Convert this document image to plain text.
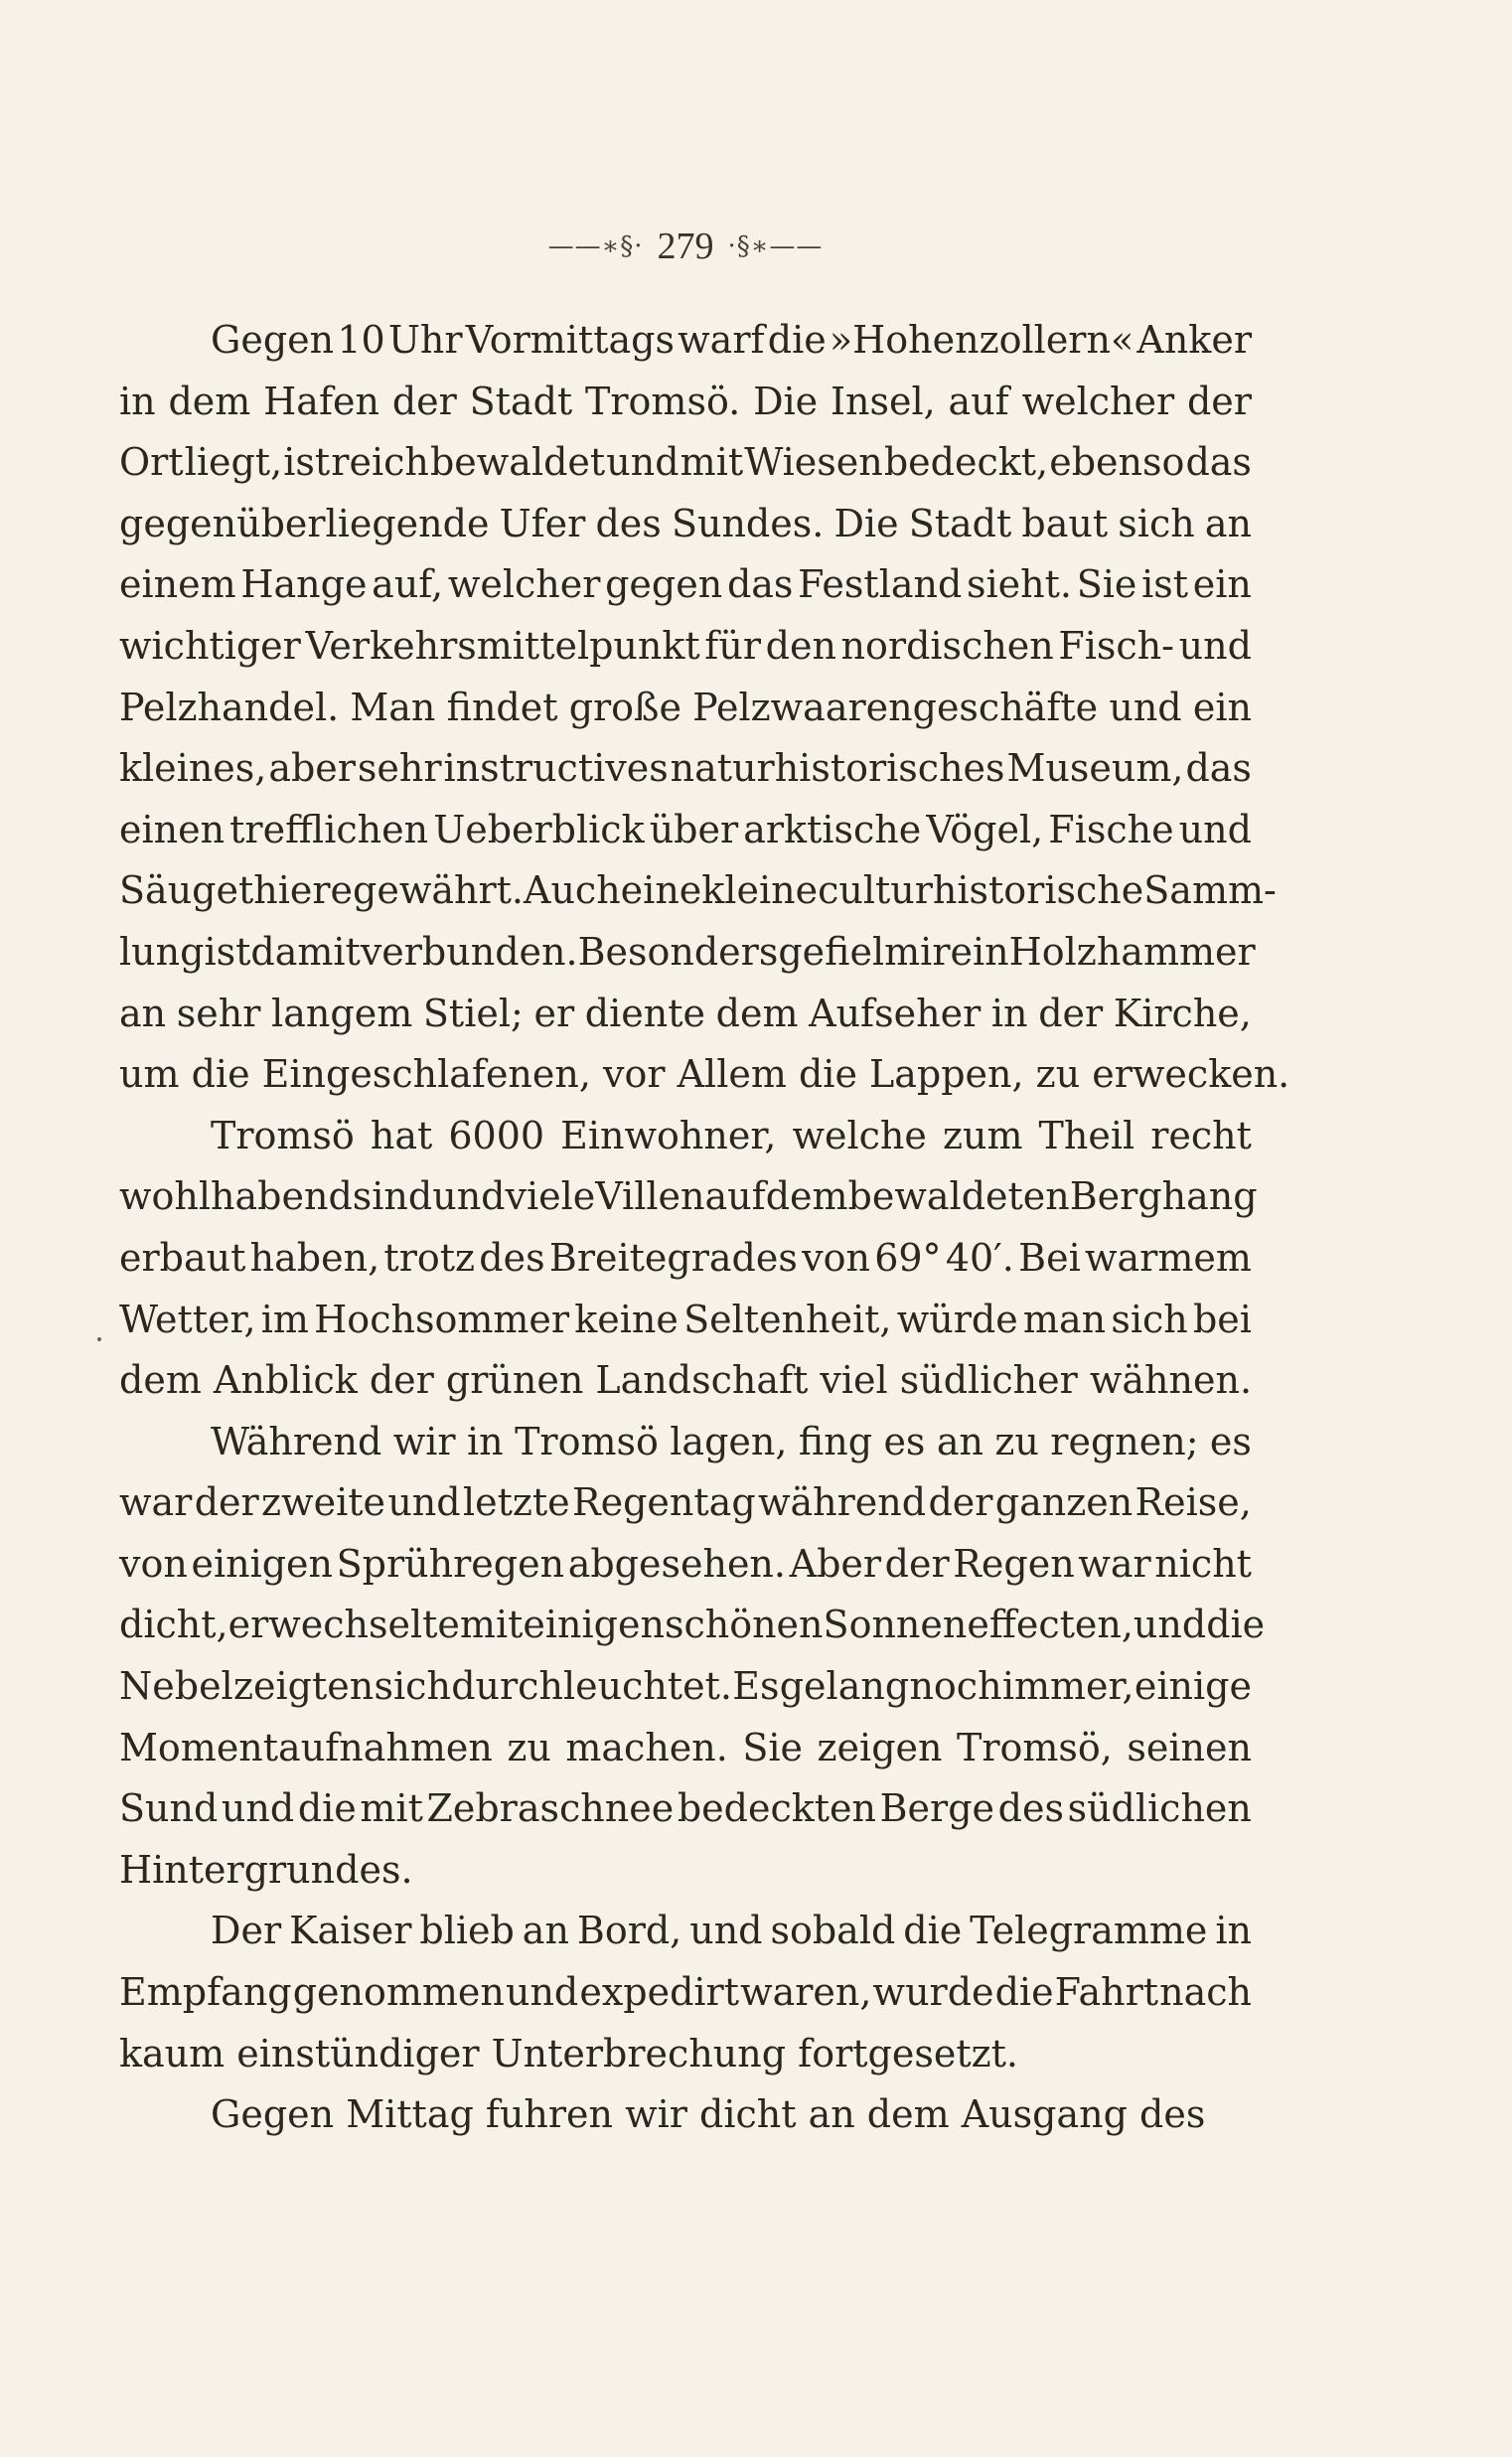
——∗§· 279 ·§∗——
Gegen 10 Uhr Vormittags warf die »Hohenzollern« Anker
in dem Hafen der Stadt Tromsö. Die Insel, auf welcher der
Ort liegt, ist reich bewaldet und mit Wiesen bedeckt, ebenso das
gegenüberliegende Ufer des Sundes. Die Stadt baut sich an
einem Hange auf, welcher gegen das Festland sieht. Sie ist ein
wichtiger Verkehrsmittelpunkt für den nordischen Fisch- und
Pelzhandel. Man findet große Pelzwaarengeschäfte und ein
kleines, aber sehr instructives naturhistorisches Museum, das
einen trefflichen Ueberblick über arktische Vögel, Fische und
Säugethiere gewährt. Auch eine kleine culturhistorische Samm-
lung ist damit verbunden. Besonders gefiel mir ein Holzhammer
an sehr langem Stiel; er diente dem Aufseher in der Kirche,
um die Eingeschlafenen, vor Allem die Lappen, zu erwecken.
Tromsö hat 6000 Einwohner, welche zum Theil recht
wohlhabend sind und viele Villen auf dem bewaldeten Berghang
erbaut haben, trotz des Breitegrades von 69° 40′. Bei warmem
Wetter, im Hochsommer keine Seltenheit, würde man sich bei
dem Anblick der grünen Landschaft viel südlicher wähnen.
Während wir in Tromsö lagen, fing es an zu regnen; es
war der zweite und letzte Regentag während der ganzen Reise,
von einigen Sprühregen abgesehen. Aber der Regen war nicht
dicht, er wechselte mit einigen schönen Sonneneffecten, und die
Nebel zeigten sich durchleuchtet. Es gelang noch immer, einige
Momentaufnahmen zu machen. Sie zeigen Tromsö, seinen
Sund und die mit Zebraschnee bedeckten Berge des südlichen
Hintergrundes.
Der Kaiser blieb an Bord, und sobald die Telegramme in
Empfang genommen und expedirt waren, wurde die Fahrt nach
kaum einstündiger Unterbrechung fortgesetzt.
Gegen Mittag fuhren wir dicht an dem Ausgang des
